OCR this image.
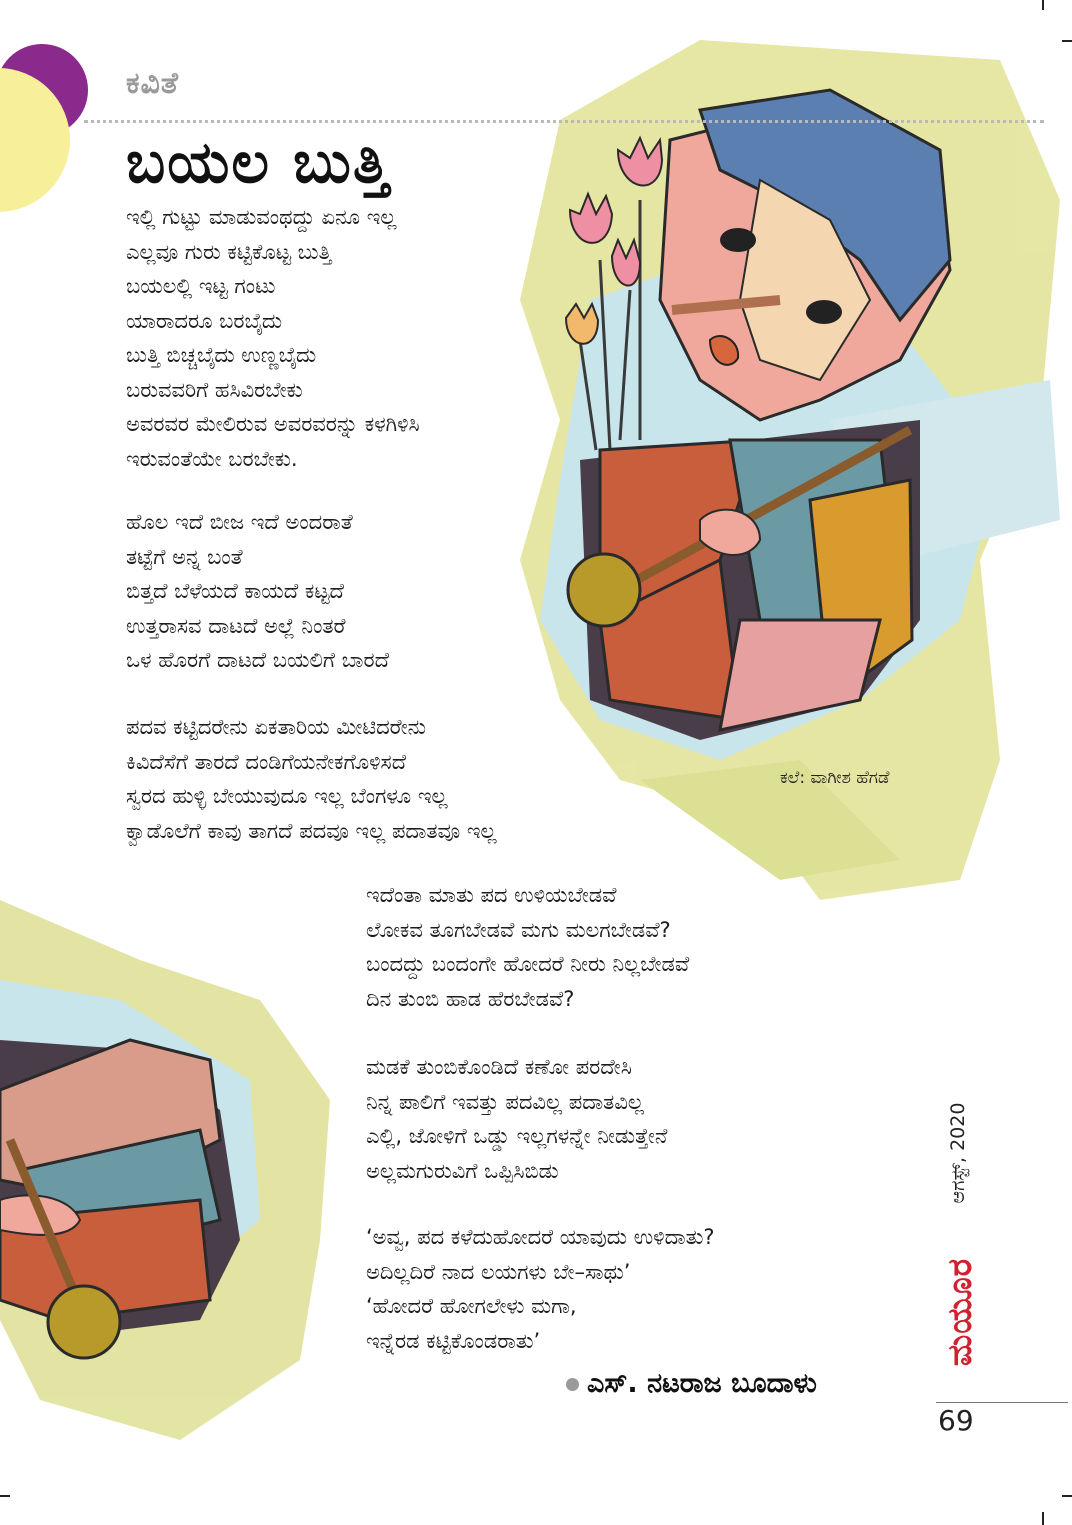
ಕವಿತೆ
ಬಯಲ ಬುತ್ತಿ
ಇಲ್ಲಿ ಗುಟ್ಟು ಮಾಡುವಂಥದ್ದು ಏನೂ ಇಲ್ಲ
ಎಲ್ಲವೂ ಗುರು ಕಟ್ಟಿಕೊಟ್ಟ ಬುತ್ತಿ
ಬಯಲಲ್ಲಿ ಇಟ್ಟ ಗಂಟು
ಯಾರಾದರೂ ಬರಬೈದು
ಬುತ್ತಿ ಬಿಚ್ಚಬೈದು ಉಣ್ಣಬೈದು
ಬರುವವರಿಗೆ ಹಸಿವಿರಬೇಕು
ಅವರವರ ಮೇಲಿರುವ ಅವರವರನ್ನು ಕಳಗಿಳಿಸಿ
ಇರುವಂತೆಯೇ ಬರಬೇಕು.
ಹೊಲ ಇದೆ ಬೀಜ ಇದೆ ಅಂದರಾತೆ
ತಟ್ಟೆಗೆ ಅನ್ನ ಬಂತೆ
ಬಿತ್ತದೆ ಬೆಳೆಯದೆ ಕಾಯದೆ ಕಟ್ಟದೆ
ಉತ್ತರಾಸವ ದಾಟದೆ ಅಲ್ಲೆ ನಿಂತರೆ
ಒಳ ಹೊರಗೆ ದಾಟದೆ ಬಯಲಿಗೆ ಬಾರದೆ
ಪದವ ಕಟ್ಟಿದರೇನು ಏಕತಾರಿಯ ಮೀಟಿದರೇನು
ಕಿವಿದೆಸೆಗೆ ತಾರದೆ ದಂಡಿಗೆಯನೇಕಗೊಳಿಸದೆ
ಸ್ವರದ ಹುಳ್ಳಿ ಬೇಯುವುದೂ ಇಲ್ಲ ಬೆಂಗಳೂ ಇಲ್ಲ
ಕ್ವಾಡೊಲೆಗೆ ಕಾವು ತಾಗದೆ ಪದವೂ ಇಲ್ಲ ಪದಾತವೂ ಇಲ್ಲ
ಇದೆಂತಾ ಮಾತು ಪದ ಉಳಿಯಬೇಡವೆ
ಲೋಕವ ತೂಗಬೇಡವೆ ಮಗು ಮಲಗಬೇಡವೆ?
ಬಂದದ್ದು ಬಂದಂಗೇ ಹೋದರೆ ನೀರು ನಿಲ್ಲಬೇಡವೆ
ದಿನ ತುಂಬಿ ಹಾಡ ಹೆರಬೇಡವೆ?
ಮಡಕೆ ತುಂಬಿಕೊಂಡಿದೆ ಕಣೋ ಪರದೇಸಿ
ನಿನ್ನ ಪಾಲಿಗೆ ಇವತ್ತು ಪದವಿಲ್ಲ ಪದಾತವಿಲ್ಲ
ಎಲ್ಲಿ, ಜೋಳಿಗೆ ಒಡ್ಡು ಇಲ್ಲಗಳನ್ನೇ ನೀಡುತ್ತೇನೆ
ಅಲ್ಲಮಗುರುವಿಗೆ ಒಪ್ಪಿಸಿಬಿಡು
‘ಅವ್ವ, ಪದ ಕಳೆದುಹೋದರೆ ಯಾವುದು ಉಳಿದಾತು?
ಅದಿಲ್ಲದಿರೆ ನಾದ ಲಯಗಳು ಬೇ–ಸಾಥು’
‘ಹೋದರೆ ಹೋಗಲೇಳು ಮಗಾ,
ಇನ್ನೆರಡ ಕಟ್ಟಿಕೊಂಡರಾತು’
ಕಲೆ: ವಾಗೀಶ ಹೆಗಡೆ
ಎಸ್‌. ನಟರಾಜ ಬೂದಾಳು
ಆಗಸ್ಟ್‌, 2020
ಮಯೂರ
69
